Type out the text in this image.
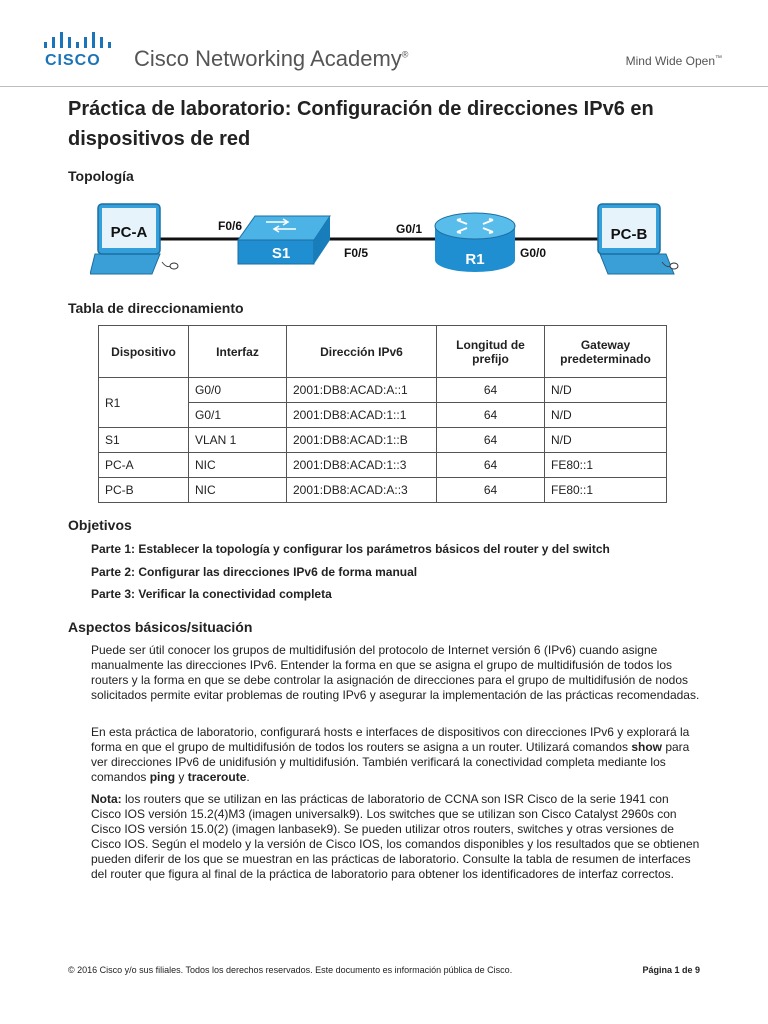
CISCO Cisco Networking Academy®	Mind Wide Open™
Práctica de laboratorio: Configuración de direcciones IPv6 en dispositivos de red
Topología
PC-A
S1	R1
PC-B
F0/6
F0/5
G0/1
G0/0
Tabla de direccionamiento
Dispositivo	Interfaz	Dirección IPv6	Longitud de prefijo	Gateway predeterminado
R1	G0/0	2001:DB8:ACAD:A::1	64	N/D
	G0/1	2001:DB8:ACAD:1::1	64	N/D
S1	VLAN 1	2001:DB8:ACAD:1::B	64	N/D
PC-A	NIC	2001:DB8:ACAD:1::3	64	FE80::1
PC-B	NIC	2001:DB8:ACAD:A::3	64	FE80::1
Objetivos
Parte 1: Establecer la topología y configurar los parámetros básicos del router y del switch
Parte 2: Configurar las direcciones IPv6 de forma manual
Parte 3: Verificar la conectividad completa
Aspectos básicos/situación

Puede ser útil conocer los grupos de multidifusión del protocolo de Internet versión 6 (IPv6) cuando asigne manualmente las direcciones IPv6. Entender la forma en que se asigna el grupo de multidifusión de todos los routers y la forma en que se debe controlar la asignación de direcciones para el grupo de multidifusión de nodos solicitados permite evitar problemas de routing IPv6 y asegurar la implementación de las prácticas recomendadas.

En esta práctica de laboratorio, configurará hosts e interfaces de dispositivos con direcciones IPv6 y explorará la forma en que el grupo de multidifusión de todos los routers se asigna a un router. Utilizará comandos show para ver direcciones IPv6 de unidifusión y multidifusión. También verificará la conectividad completa mediante los comandos ping y traceroute.

Nota: los routers que se utilizan en las prácticas de laboratorio de CCNA son ISR Cisco de la serie 1941 con Cisco IOS versión 15.2(4)M3 (imagen universalk9). Los switches que se utilizan son Cisco Catalyst 2960s con Cisco IOS versión 15.0(2) (imagen lanbasek9). Se pueden utilizar otros routers, switches y otras versiones de Cisco IOS. Según el modelo y la versión de Cisco IOS, los comandos disponibles y los resultados que se obtienen pueden diferir de los que se muestran en las prácticas de laboratorio. Consulte la tabla de resumen de interfaces del router que figura al final de la práctica de laboratorio para obtener los identificadores de interfaz correctos.

© 2016 Cisco y/o sus filiales. Todos los derechos reservados. Este documento es información pública de Cisco.	Página 1 de 9
